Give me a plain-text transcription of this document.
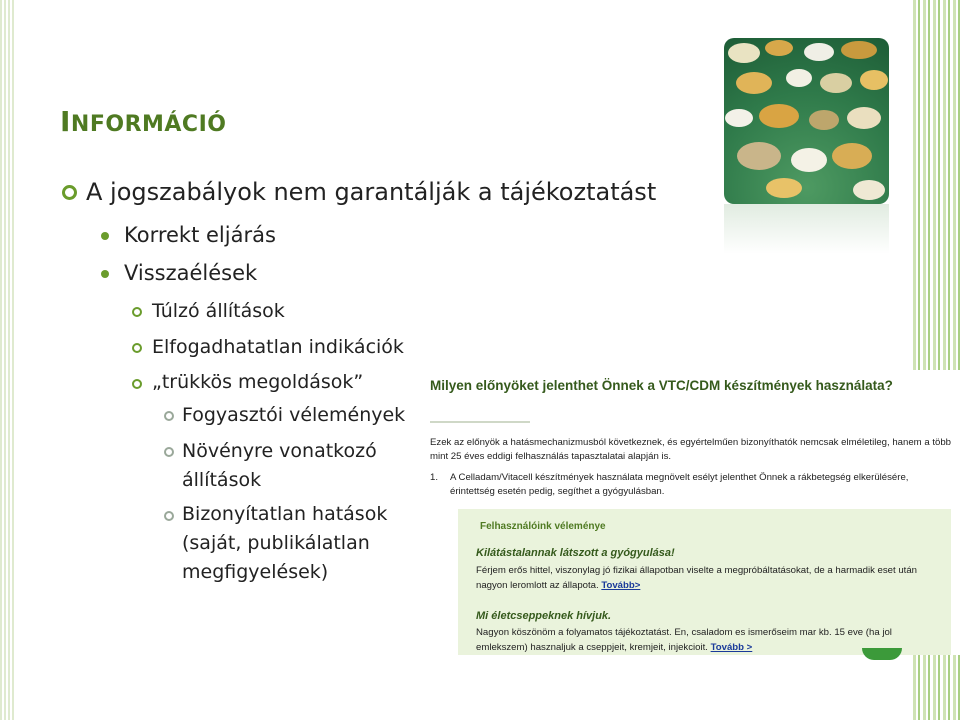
INFORMÁCIÓ
A jogszabályok nem garantálják a tájékoztatást
Korrekt eljárás
Visszaélések
Túlzó állítások
Elfogadhatatlan indikációk
„trükkös megoldások”
Fogyasztói vélemények
Növényre vonatkozó állítások
Bizonyítatlan hatások (saját, publikálatlan megfigyelések)
Milyen előnyöket jelenthet Önnek a VTC/CDM készítmények használata?
Ezek az előnyök a hatásmechanizmusból következnek, és egyértelműen bizonyíthatók nemcsak elméletileg, hanem a több mint 25 éves eddigi felhasználás tapasztalatai alapján is.
1.	A Celladam/Vitacell készítmények használata megnövelt esélyt jelenthet Önnek a rákbetegség elkerülésére, érintettség esetén pedig, segíthet a gyógyulásban.
Felhasználóink véleménye
Kilátástalannak látszott a gyógyulása!
Férjem erős hittel, viszonylag jó fizikai állapotban viselte a megpróbáltatásokat, de a harmadik eset után nagyon leromlott az állapota. Tovább>
Mi életcseppeknek hívjuk.
Nagyon köszönöm a folyamatos tájékoztatást. En, csaladom es ismerőseim mar kb. 15 eve (ha jol emlekszem) hasznaljuk a cseppjeit, kremjeit, injekcioit. Tovább >
